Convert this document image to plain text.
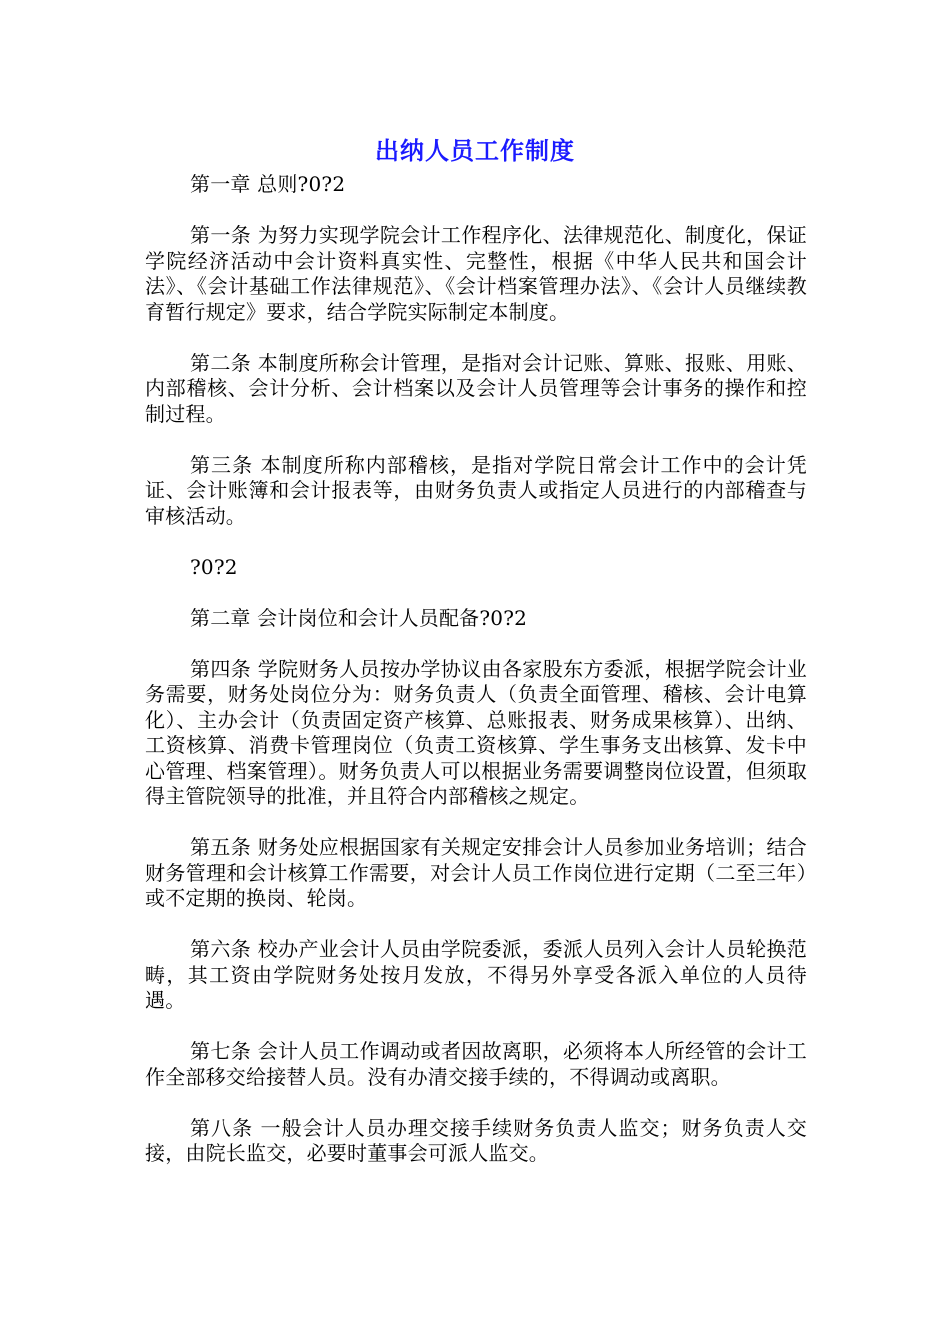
出纳人员工作制度

第一章 总则?0?2

第一条 为努力实现学院会计工作程序化、法律规范化、制度化，保证学院经济活动中会计资料真实性、完整性，根据《中华人民共和国会计法》、《会计基础工作法律规范》、《会计档案管理办法》、《会计人员继续教育暂行规定》要求，结合学院实际制定本制度。

第二条 本制度所称会计管理，是指对会计记账、算账、报账、用账、内部稽核、会计分析、会计档案以及会计人员管理等会计事务的操作和控制过程。

第三条 本制度所称内部稽核，是指对学院日常会计工作中的会计凭证、会计账簿和会计报表等，由财务负责人或指定人员进行的内部稽查与审核活动。

?0?2

第二章 会计岗位和会计人员配备?0?2

第四条 学院财务人员按办学协议由各家股东方委派，根据学院会计业务需要，财务处岗位分为：财务负责人（负责全面管理、稽核、会计电算化）、主办会计（负责固定资产核算、总账报表、财务成果核算）、出纳、工资核算、消费卡管理岗位（负责工资核算、学生事务支出核算、发卡中心管理、档案管理）。财务负责人可以根据业务需要调整岗位设置，但须取得主管院领导的批准，并且符合内部稽核之规定。

第五条 财务处应根据国家有关规定安排会计人员参加业务培训；结合财务管理和会计核算工作需要，对会计人员工作岗位进行定期（二至三年）或不定期的换岗、轮岗。

第六条 校办产业会计人员由学院委派，委派人员列入会计人员轮换范畴，其工资由学院财务处按月发放，不得另外享受各派入单位的人员待遇。

第七条 会计人员工作调动或者因故离职，必须将本人所经管的会计工作全部移交给接替人员。没有办清交接手续的，不得调动或离职。

第八条 一般会计人员办理交接手续财务负责人监交；财务负责人交接，由院长监交，必要时董事会可派人监交。
